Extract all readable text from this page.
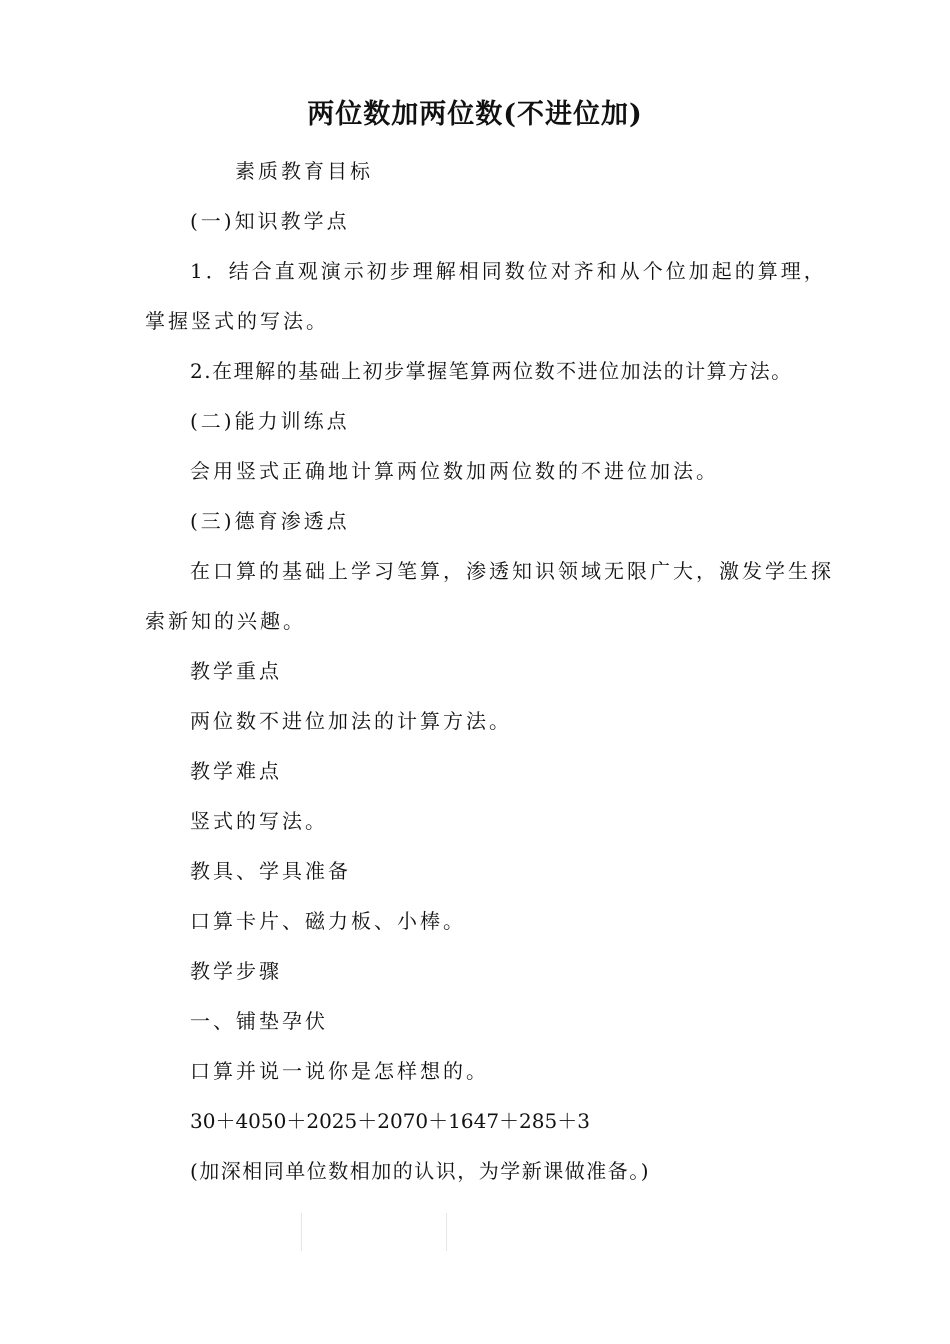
两位数加两位数(不进位加)
素质教育目标
(一)知识教学点
1．结合直观演示初步理解相同数位对齐和从个位加起的算理，
掌握竖式的写法。
2.在理解的基础上初步掌握笔算两位数不进位加法的计算方法。
(二)能力训练点
会用竖式正确地计算两位数加两位数的不进位加法。
(三)德育渗透点
在口算的基础上学习笔算，渗透知识领域无限广大，激发学生探
索新知的兴趣。
教学重点
两位数不进位加法的计算方法。
教学难点
竖式的写法。
教具、学具准备
口算卡片、磁力板、小棒。
教学步骤
一、铺垫孕伏
口算并说一说你是怎样想的。
30＋4050＋2025＋2070＋1647＋285＋3
(加深相同单位数相加的认识，为学新课做准备。)
